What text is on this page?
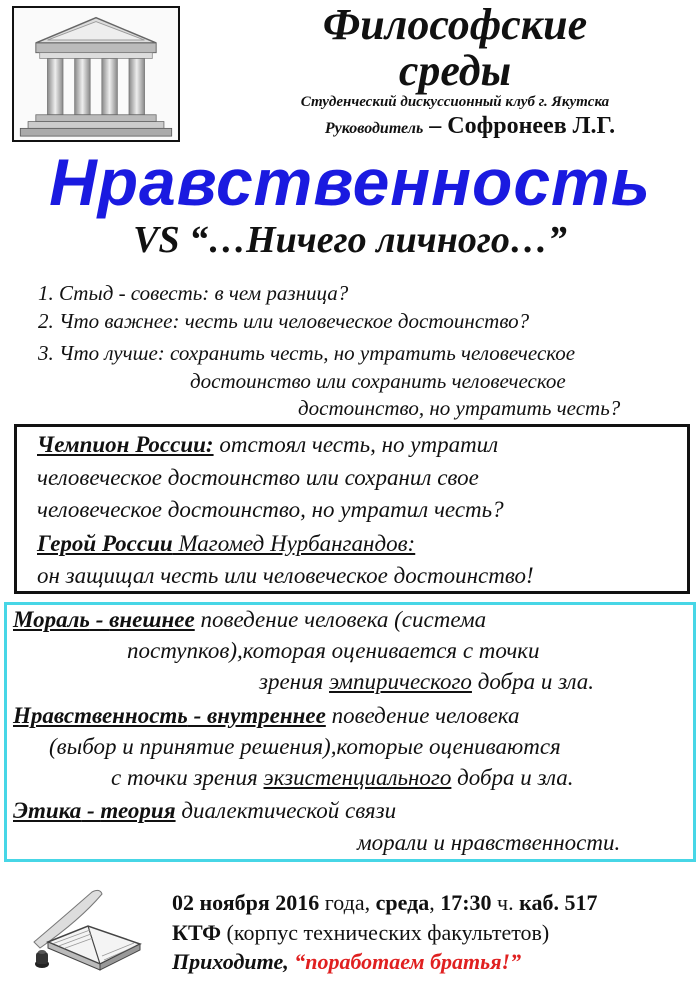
Философские
среды
Студенческий дискуссионный клуб г. Якутска
Руководитель – Софронеев Л.Г.
Нравственность
VS “…Ничего личного…”
1. Стыд - совесть: в чем разница?
2. Что важнее: честь или человеческое достоинство?
3. Что лучше: сохранить честь, но утратить человеческое
достоинство или сохранить человеческое
достоинство, но утратить честь?
Чемпион России: отстоял честь, но утратил
человеческое достоинство или сохранил свое
человеческое достоинство, но утратил честь?
Герой России Магомед Нурбангандов:
он защищал честь или человеческое достоинство!
Мораль - внешнее поведение человека (система
поступков),которая оценивается с точки
зрения эмпирического добра и зла.
Нравственность - внутреннее поведение человека
(выбор и принятие решения),которые оцениваются
с точки зрения экзистенциального добра и зла.
Этика - теория диалектической связи
морали и нравственности.
02 ноября 2016 года, среда, 17:30 ч. каб. 517
КТФ (корпус технических факультетов)
Приходите, “поработаем братья!”
